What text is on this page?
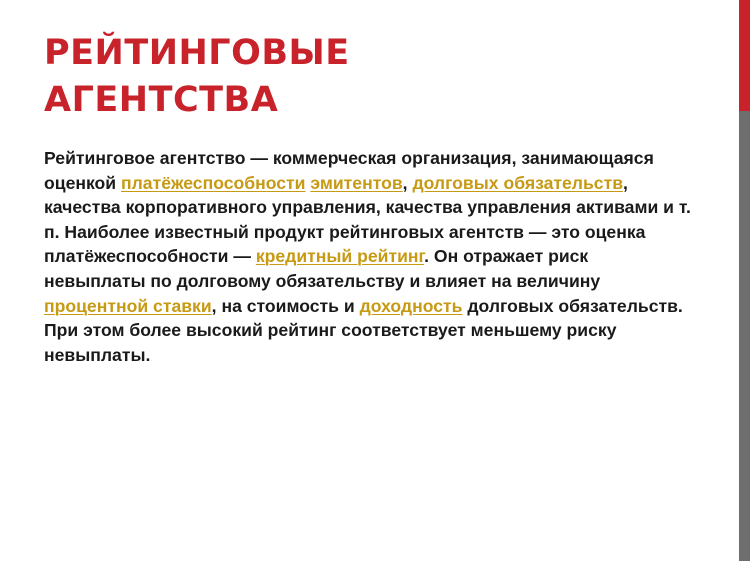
РЕЙТИНГОВЫЕ
АГЕНТСТВА

Рейтинговое агентство — коммерческая организация, занимающаяся оценкой платёжеспособности эмитентов, долговых обязательств, качества корпоративного управления, качества управления активами и т. п. Наиболее известный продукт рейтинговых агентств — это оценка платёжеспособности — кредитный рейтинг. Он отражает риск невыплаты по долговому обязательству и влияет на величину процентной ставки, на стоимость и доходность долговых обязательств. При этом более высокий рейтинг соответствует меньшему риску невыплаты.
